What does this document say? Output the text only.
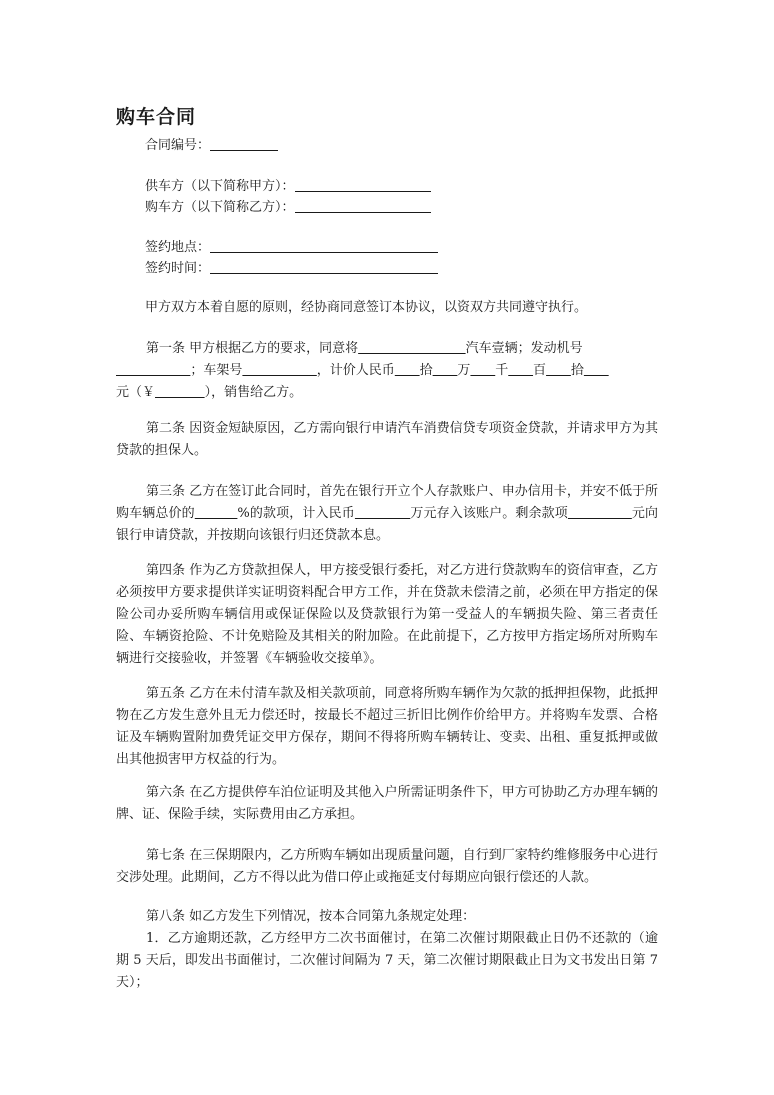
购车合同
合同编号：
供车方（以下简称甲方）：
购车方（以下简称乙方）：
签约地点：
签约时间：
甲方双方本着自愿的原则，经协商同意签订本协议，以资双方共同遵守执行。
第一条 甲方根据乙方的要求，同意将	汽车壹辆；发动机号
；车架号	，计价人民币 拾 万 千 百 拾
元（￥	），销售给乙方。
第二条 因资金短缺原因，乙方需向银行申请汽车消费信贷专项资金贷款，并请求甲方为其贷款的担保人。
第三条 乙方在签订此合同时，首先在银行开立个人存款账户、申办信用卡，并安不低于所购车辆总价的	%的款项，计入民币	万元存入该账户。剩余款项	元向银行申请贷款，并按期向该银行归还贷款本息。
第四条 作为乙方贷款担保人，甲方接受银行委托，对乙方进行贷款购车的资信审查，乙方必须按甲方要求提供详实证明资料配合甲方工作，并在贷款未偿清之前，必须在甲方指定的保险公司办妥所购车辆信用或保证保险以及贷款银行为第一受益人的车辆损失险、第三者责任险、车辆资抢险、不计免赔险及其相关的附加险。在此前提下，乙方按甲方指定场所对所购车辆进行交接验收，并签署《车辆验收交接单》。
第五条 乙方在未付清车款及相关款项前，同意将所购车辆作为欠款的抵押担保物，此抵押物在乙方发生意外且无力偿还时，按最长不超过三折旧比例作价给甲方。并将购车发票、合格证及车辆购置附加费凭证交甲方保存，期间不得将所购车辆转让、变卖、出租、重复抵押或做出其他损害甲方权益的行为。
第六条 在乙方提供停车泊位证明及其他入户所需证明条件下，甲方可协助乙方办理车辆的牌、证、保险手续，实际费用由乙方承担。
第七条 在三保期限内，乙方所购车辆如出现质量问题，自行到厂家特约维修服务中心进行交涉处理。此期间，乙方不得以此为借口停止或拖延支付每期应向银行偿还的人款。
第八条 如乙方发生下列情况，按本合同第九条规定处理：
1．乙方逾期还款，乙方经甲方二次书面催讨，在第二次催讨期限截止日仍不还款的（逾期 5 天后，即发出书面催讨，二次催讨间隔为 7 天，第二次催讨期限截止日为文书发出日第 7 天）；
